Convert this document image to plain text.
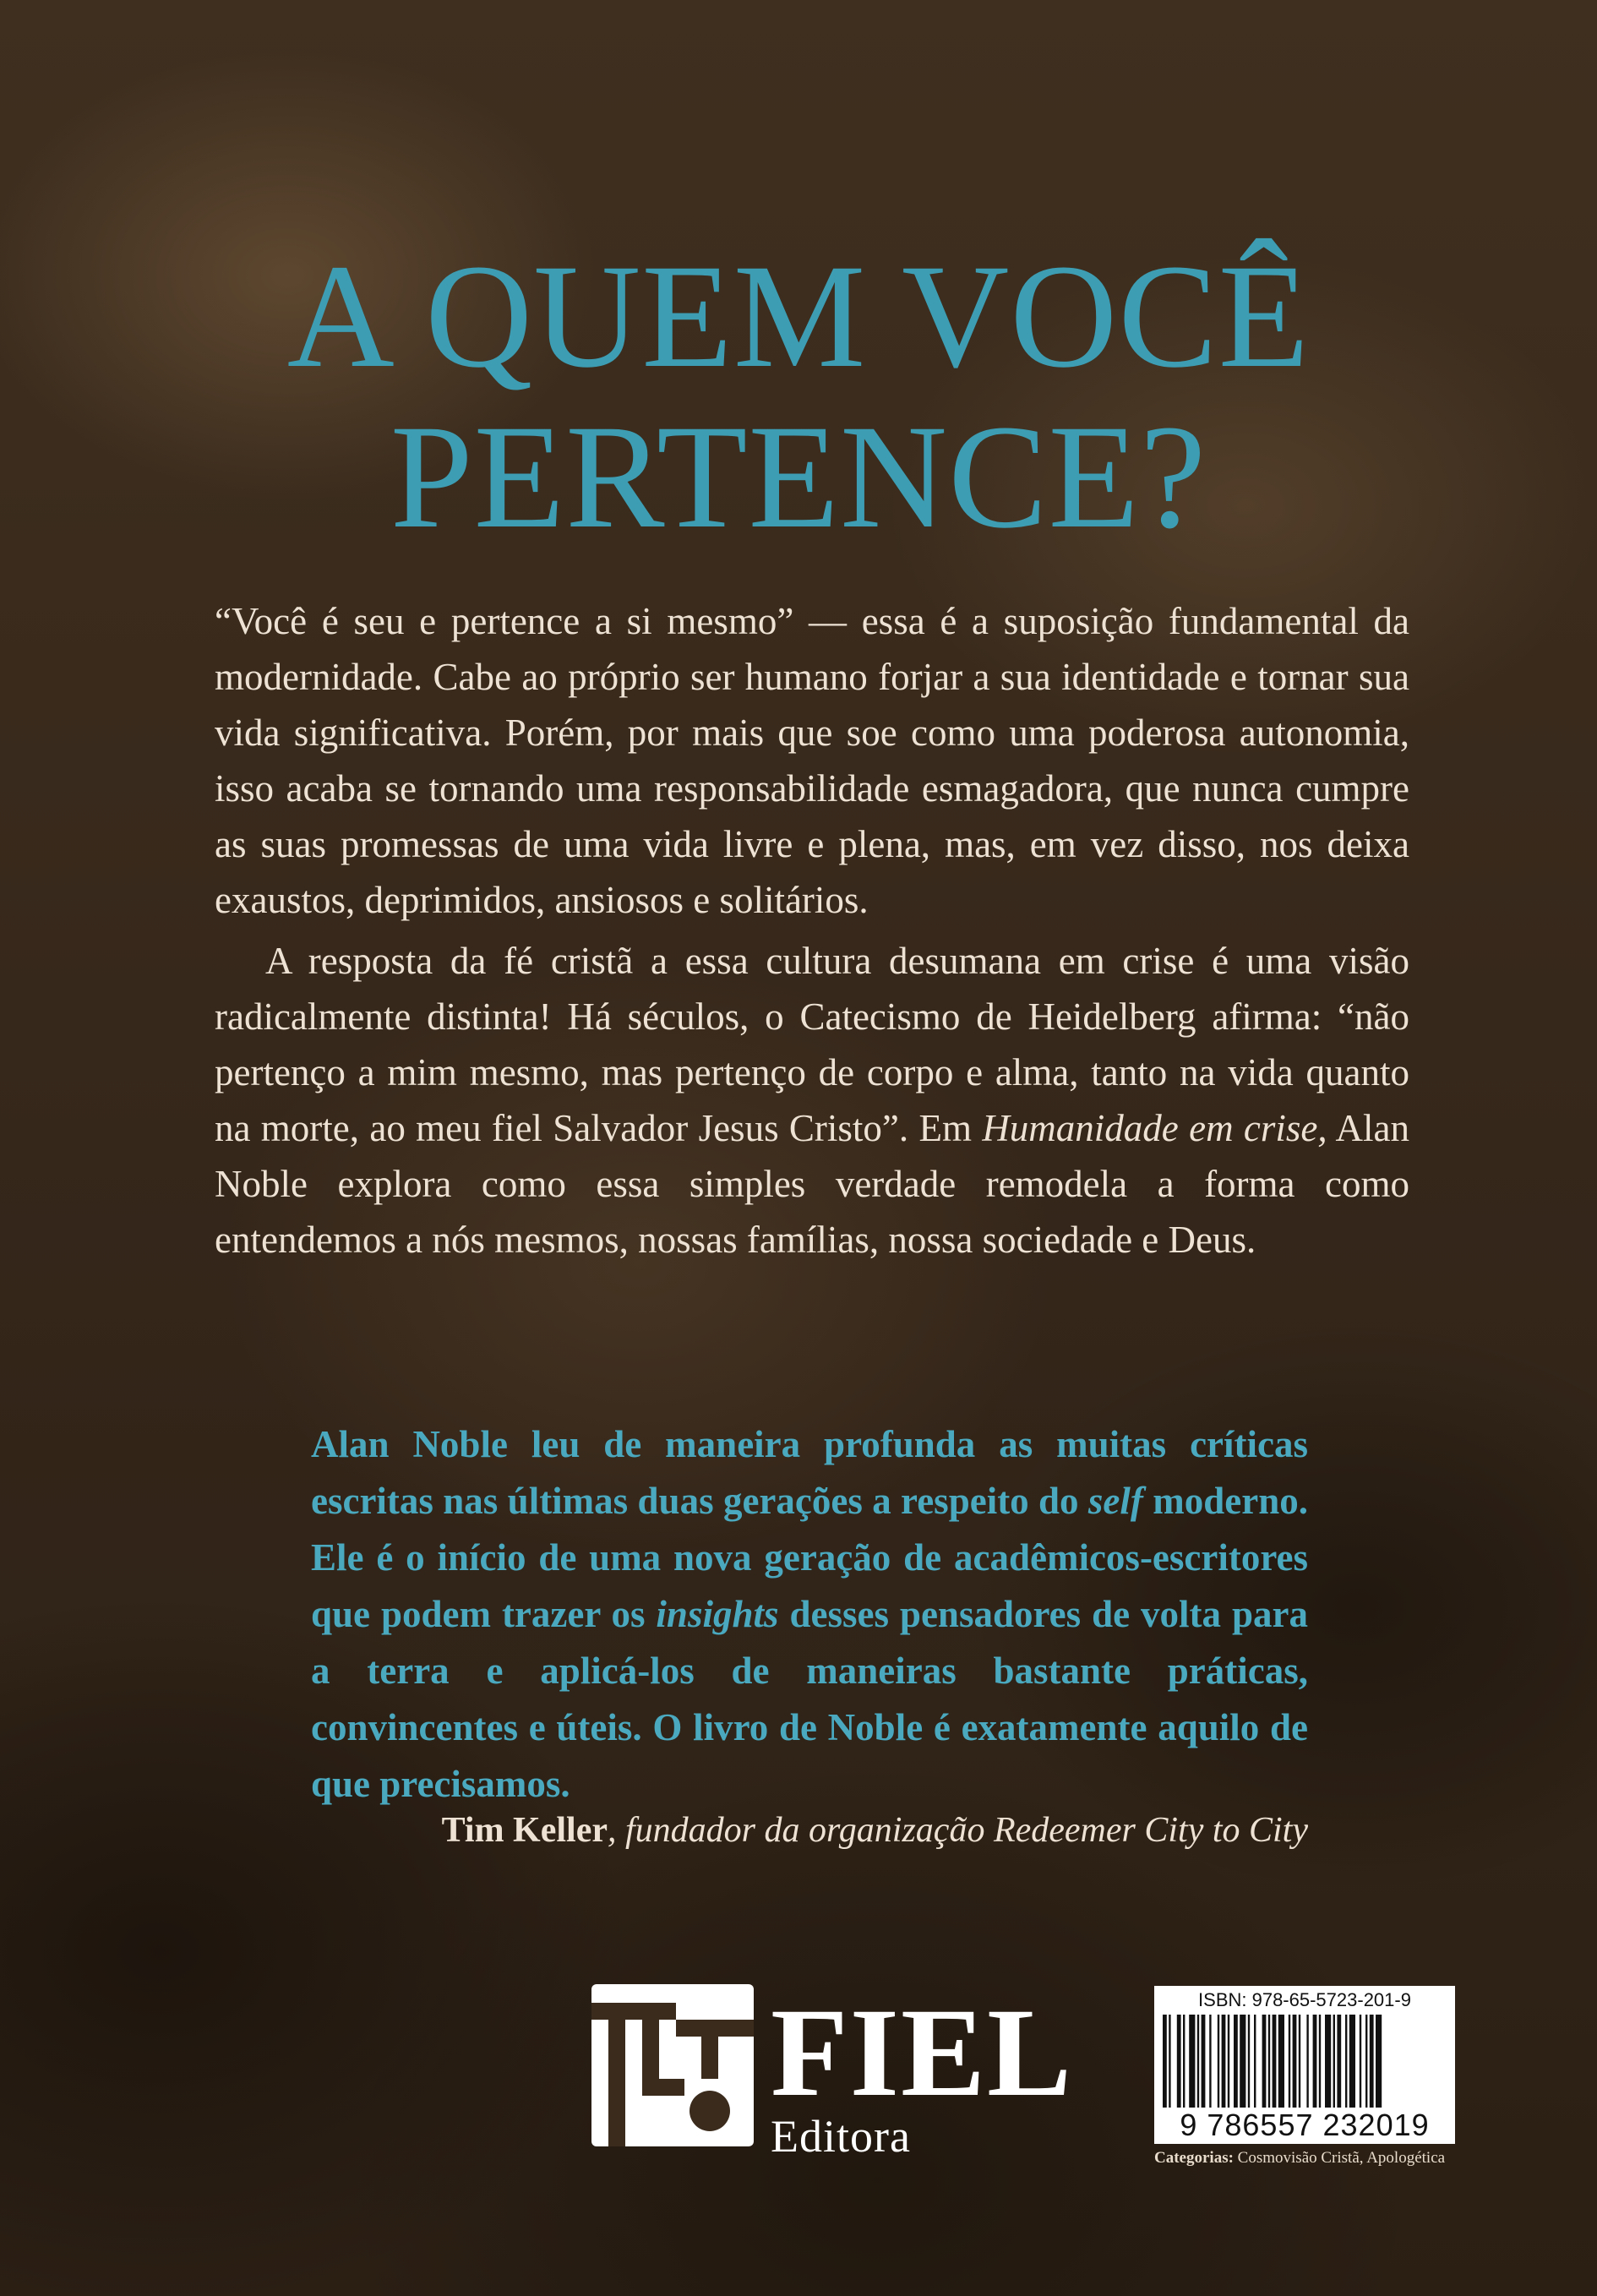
A QUEM VOCÊ
PERTENCE?

“Você é seu e pertence a si mesmo” — essa é a suposição fundamental da modernidade. Cabe ao próprio ser humano forjar a sua identidade e tornar sua vida significativa. Porém, por mais que soe como uma poderosa autonomia, isso acaba se tornando uma responsabilidade esmagadora, que nunca cumpre as suas promessas de uma vida livre e plena, mas, em vez disso, nos deixa exaustos, deprimidos, ansiosos e solitários.

A resposta da fé cristã a essa cultura desumana em crise é uma visão radicalmente distinta! Há séculos, o Catecismo de Heidelberg afirma: “não pertenço a mim mesmo, mas pertenço de corpo e alma, tanto na vida quanto na morte, ao meu fiel Salvador Jesus Cristo”. Em Humanidade em crise, Alan Noble explora como essa simples verdade remodela a forma como entendemos a nós mesmos, nossas famílias, nossa sociedade e Deus.

Alan Noble leu de maneira profunda as muitas críticas escritas nas últimas duas gerações a respeito do self moderno. Ele é o início de uma nova geração de acadêmicos-escritores que podem trazer os insights desses pensadores de volta para a terra e aplicá-los de maneiras bastante práticas, convincentes e úteis. O livro de Noble é exatamente aquilo de que precisamos.
Tim Keller, fundador da organização Redeemer City to City
FIEL
Editora
ISBN: 978-65-5723-201-9
9 786557 232019
Categorias: Cosmovisão Cristã, Apologética
